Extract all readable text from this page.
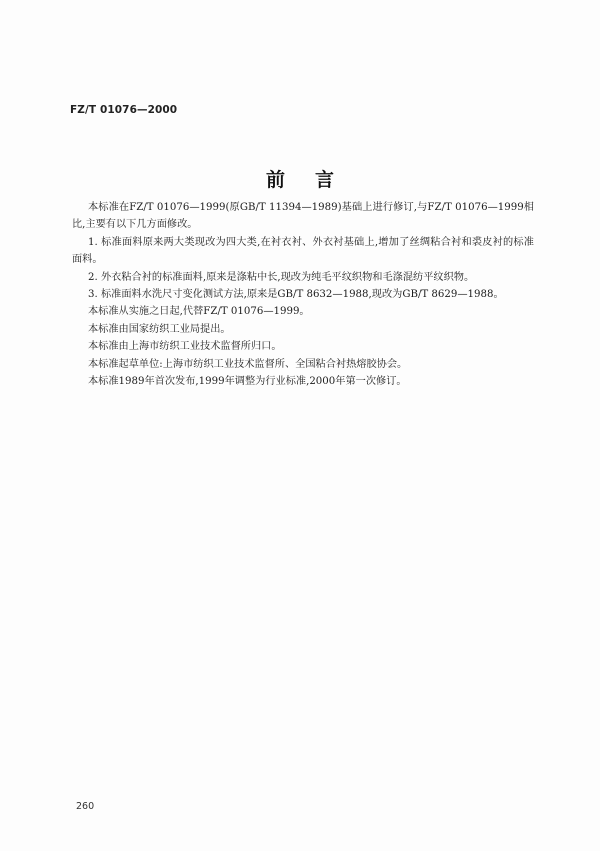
FZ/T 01076—2000
前言

本标准在FZ/T 01076—1999(原GB/T 11394—1989)基础上进行修订,与FZ/T 01076—1999相比,主要有以下几方面修改。

1. 标准面料原来两大类现改为四大类,在衬衣衬、外衣衬基础上,增加了丝绸粘合衬和裘皮衬的标准面料。

2. 外衣粘合衬的标准面料,原来是涤粘中长,现改为纯毛平纹织物和毛涤混纺平纹织物。

3. 标准面料水洗尺寸变化测试方法,原来是GB/T 8632—1988,现改为GB/T 8629—1988。

本标准从实施之日起,代替FZ/T 01076—1999。

本标准由国家纺织工业局提出。

本标准由上海市纺织工业技术监督所归口。

本标准起草单位:上海市纺织工业技术监督所、全国粘合衬热熔胶协会。

本标准1989年首次发布,1999年调整为行业标准,2000年第一次修订。

260
